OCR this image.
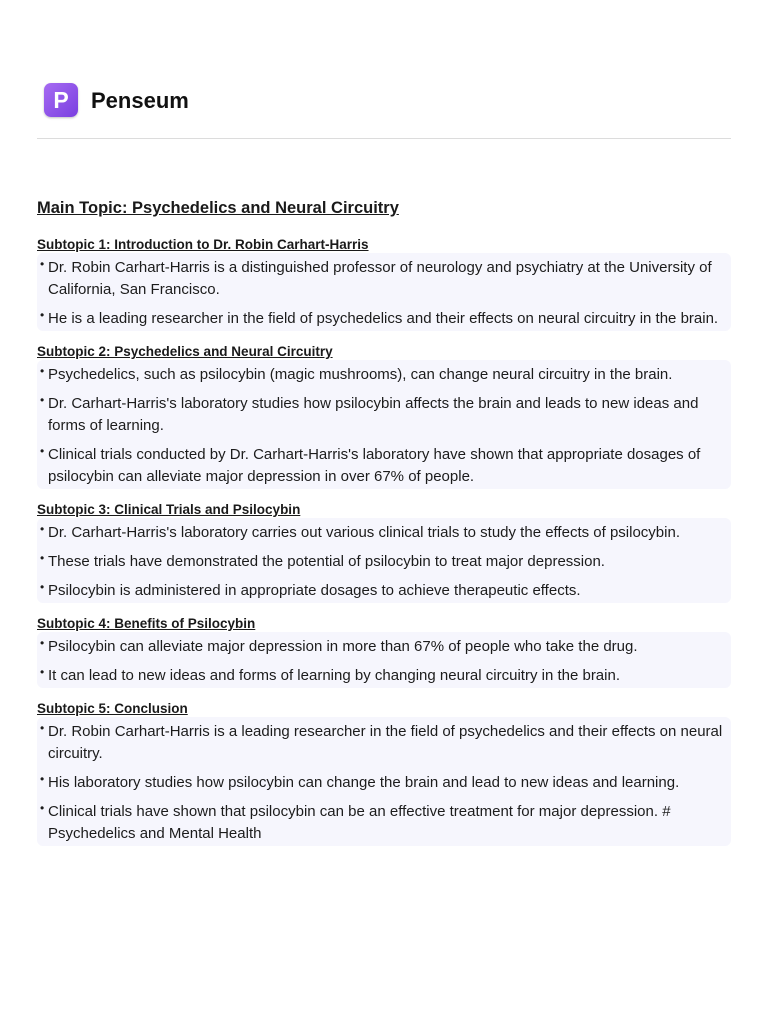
P	Penseum
Main Topic: Psychedelics and Neural Circuitry
Subtopic 1: Introduction to Dr. Robin Carhart-Harris
• Dr. Robin Carhart-Harris is a distinguished professor of neurology and psychiatry at the University of California, San Francisco.
• He is a leading researcher in the field of psychedelics and their effects on neural circuitry in the brain.
Subtopic 2: Psychedelics and Neural Circuitry
• Psychedelics, such as psilocybin (magic mushrooms), can change neural circuitry in the brain.
• Dr. Carhart-Harris's laboratory studies how psilocybin affects the brain and leads to new ideas and forms of learning.
• Clinical trials conducted by Dr. Carhart-Harris's laboratory have shown that appropriate dosages of psilocybin can alleviate major depression in over 67% of people.
Subtopic 3: Clinical Trials and Psilocybin
• Dr. Carhart-Harris's laboratory carries out various clinical trials to study the effects of psilocybin.
• These trials have demonstrated the potential of psilocybin to treat major depression.
• Psilocybin is administered in appropriate dosages to achieve therapeutic effects.
Subtopic 4: Benefits of Psilocybin
• Psilocybin can alleviate major depression in more than 67% of people who take the drug.
• It can lead to new ideas and forms of learning by changing neural circuitry in the brain.
Subtopic 5: Conclusion
• Dr. Robin Carhart-Harris is a leading researcher in the field of psychedelics and their effects on neural circuitry.
• His laboratory studies how psilocybin can change the brain and lead to new ideas and learning.
• Clinical trials have shown that psilocybin can be an effective treatment for major depression. # Psychedelics and Mental Health
